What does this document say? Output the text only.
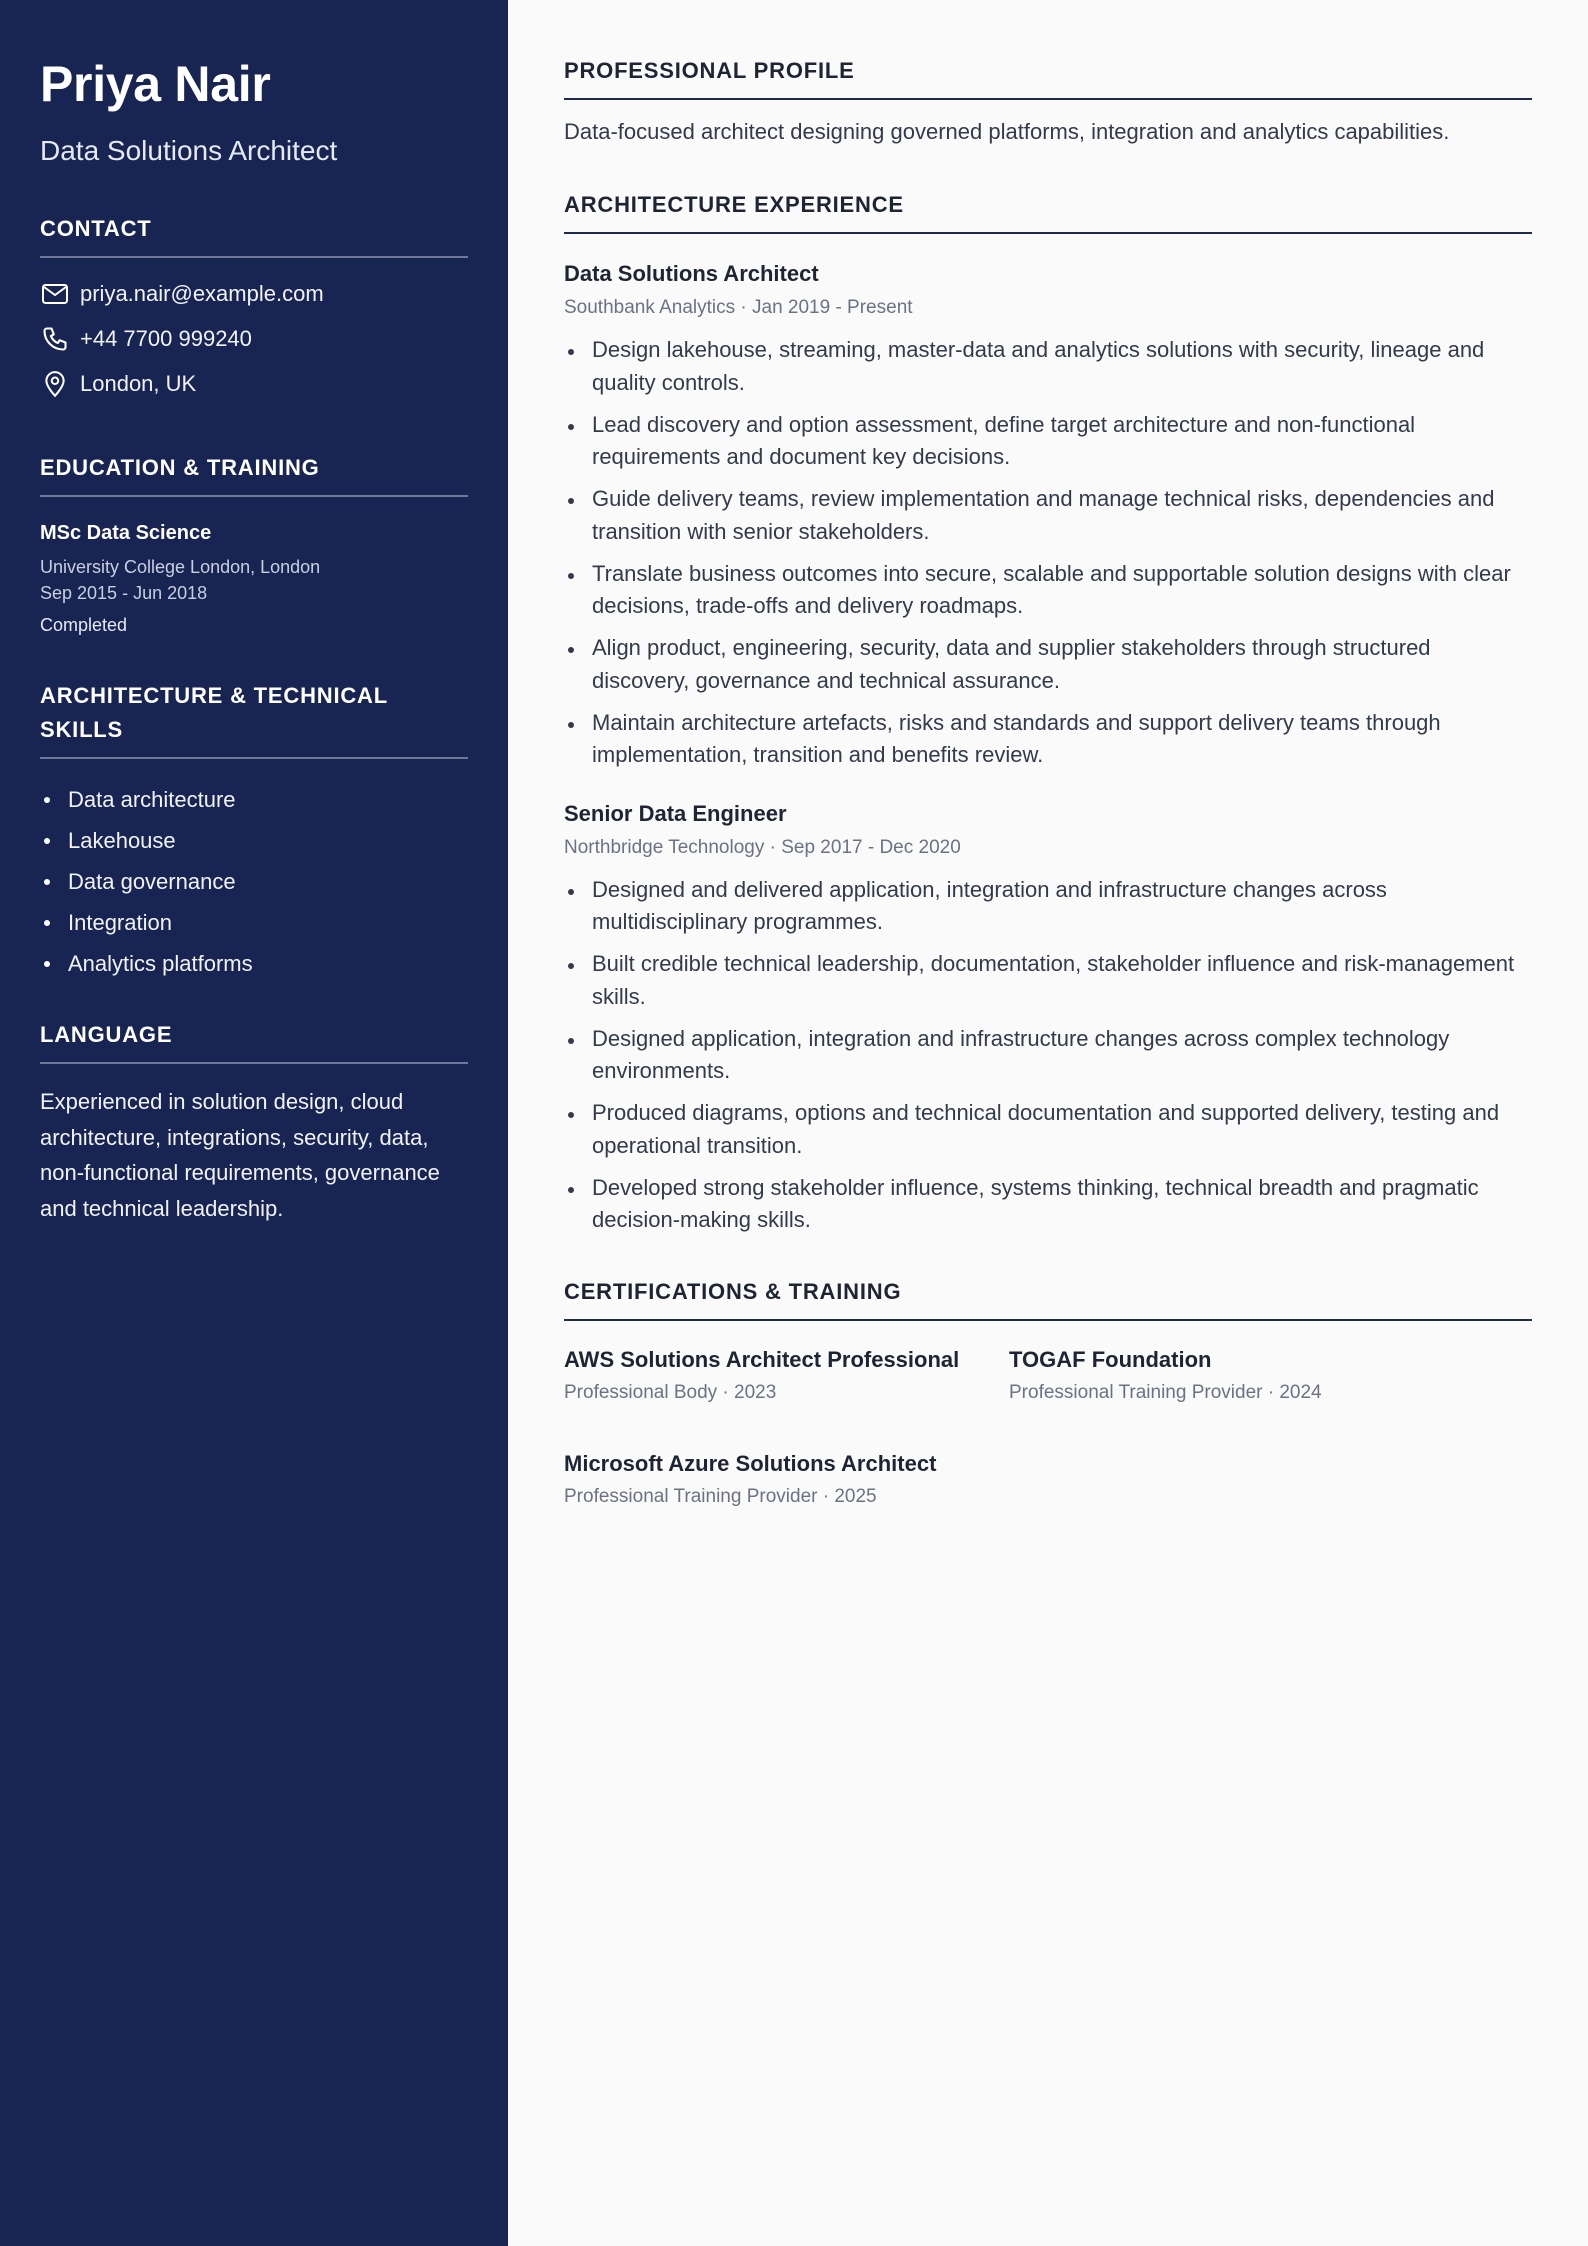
Priya Nair
Data Solutions Architect
CONTACT
priya.nair@example.com
+44 7700 999240
London, UK
EDUCATION & TRAINING
MSc Data Science
University College London, London
Sep 2015 - Jun 2018
Completed
ARCHITECTURE & TECHNICAL SKILLS
Data architecture
Lakehouse
Data governance
Integration
Analytics platforms
LANGUAGE

Experienced in solution design, cloud architecture, integrations, security, data, non-functional requirements, governance and technical leadership.

PROFESSIONAL PROFILE

Data-focused architect designing governed platforms, integration and analytics capabilities.

ARCHITECTURE EXPERIENCE
Data Solutions Architect
Southbank Analytics · Jan 2019 - Present
Design lakehouse, streaming, master-data and analytics solutions with security, lineage and quality controls.
Lead discovery and option assessment, define target architecture and non-functional requirements and document key decisions.
Guide delivery teams, review implementation and manage technical risks, dependencies and transition with senior stakeholders.
Translate business outcomes into secure, scalable and supportable solution designs with clear decisions, trade-offs and delivery roadmaps.
Align product, engineering, security, data and supplier stakeholders through structured discovery, governance and technical assurance.
Maintain architecture artefacts, risks and standards and support delivery teams through implementation, transition and benefits review.
Senior Data Engineer
Northbridge Technology · Sep 2017 - Dec 2020
Designed and delivered application, integration and infrastructure changes across multidisciplinary programmes.
Built credible technical leadership, documentation, stakeholder influence and risk-management skills.
Designed application, integration and infrastructure changes across complex technology environments.
Produced diagrams, options and technical documentation and supported delivery, testing and operational transition.
Developed strong stakeholder influence, systems thinking, technical breadth and pragmatic decision-making skills.
CERTIFICATIONS & TRAINING
AWS Solutions Architect Professional
Professional Body · 2023
TOGAF Foundation
Professional Training Provider · 2024
Microsoft Azure Solutions Architect
Professional Training Provider · 2025
